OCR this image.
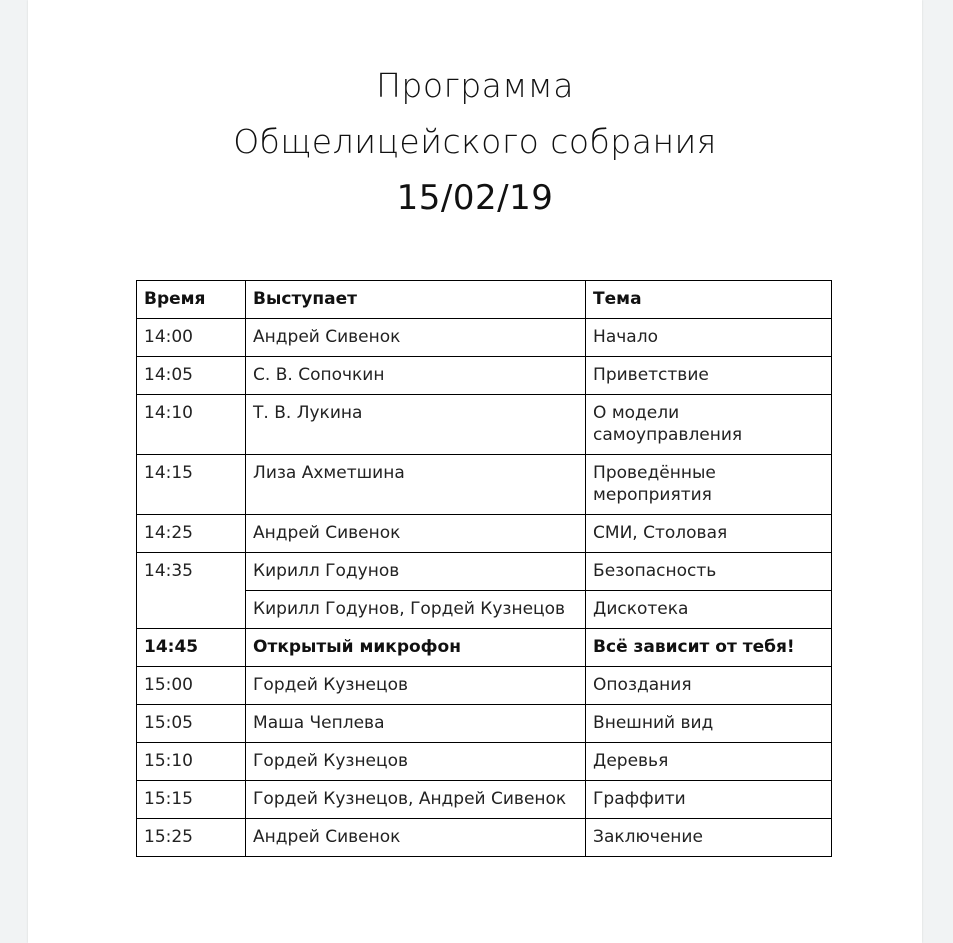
Программа
Общелицейского собрания
15/02/19
Время	Выступает	Тема
14:00	Андрей Сивенок	Начало
14:05	С. В. Сопочкин	Приветствие
14:10	Т. В. Лукина	О модели самоуправления
14:15	Лиза Ахметшина	Проведённые мероприятия
14:25	Андрей Сивенок	СМИ, Столовая
14:35	Кирилл Годунов	Безопасность
	Кирилл Годунов, Гордей Кузнецов	Дискотека
14:45	Открытый микрофон	Всё зависит от тебя!
15:00	Гордей Кузнецов	Опоздания
15:05	Маша Чеплева	Внешний вид
15:10	Гордей Кузнецов	Деревья
15:15	Гордей Кузнецов, Андрей Сивенок	Граффити
15:25	Андрей Сивенок	Заключение
